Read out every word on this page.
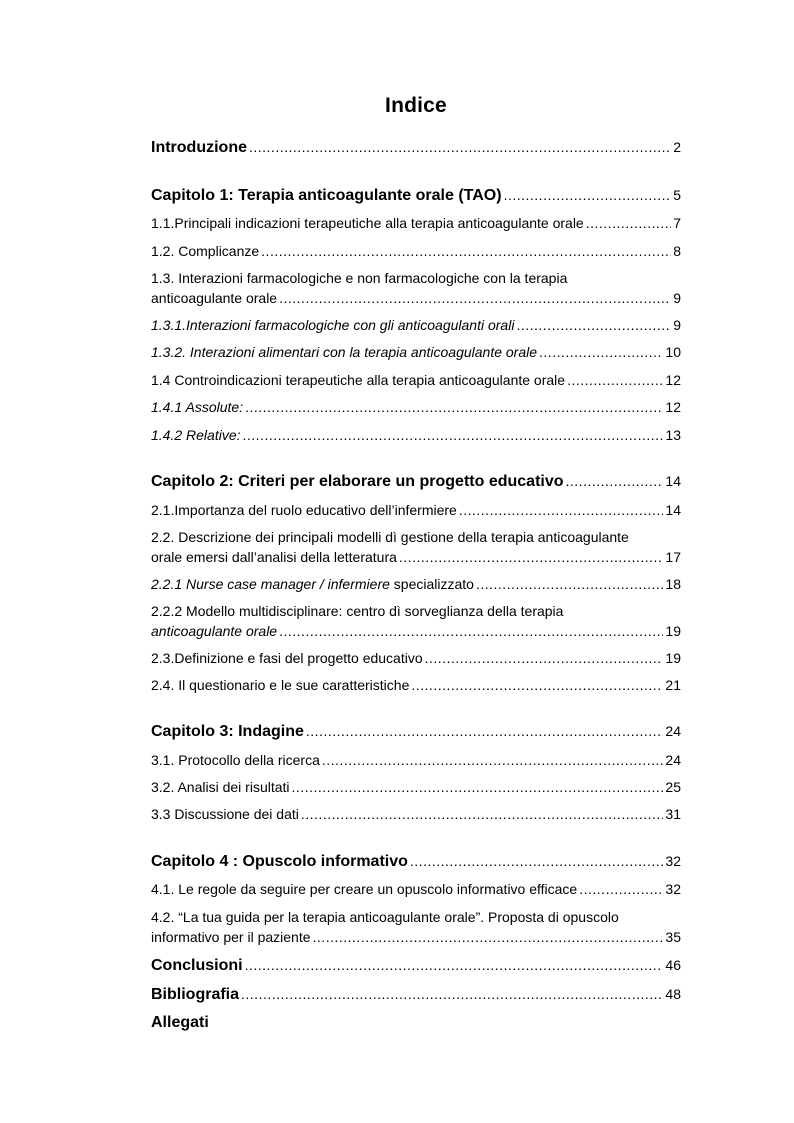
Indice
Introduzione .....	2
Capitolo 1: Terapia anticoagulante orale (TAO) .....	5
1.1.Principali indicazioni terapeutiche alla terapia anticoagulante orale .....	7
1.2. Complicanze .....	8
1.3. Interazioni farmacologiche e non farmacologiche con la terapia
anticoagulante orale .....	9
1.3.1.Interazioni farmacologiche con gli anticoagulanti orali .....	9
1.3.2. Interazioni alimentari con la terapia anticoagulante orale .....	10
1.4 Controindicazioni terapeutiche alla terapia anticoagulante orale .....	12
1.4.1 Assolute: .....	12
1.4.2 Relative: .....	13
Capitolo 2: Criteri per elaborare un progetto educativo .....	14
2.1.Importanza del ruolo educativo dell’infermiere .....	14
2.2. Descrizione dei principali modelli dì gestione della terapia anticoagulante
orale emersi dall’analisi della letteratura .....	17
2.2.1 Nurse case manager / infermiere specializzato .....	18
2.2.2 Modello multidisciplinare: centro dì sorveglianza della terapia
anticoagulante orale .....	19
2.3.Definizione e fasi del progetto educativo .....	19
2.4. Il questionario e le sue caratteristiche .....	21
Capitolo 3: Indagine .....	24
3.1. Protocollo della ricerca .....	24
3.2. Analisi dei risultati .....	25
3.3 Discussione dei dati .....	31
Capitolo 4 : Opuscolo informativo .....	32
4.1. Le regole da seguire per creare un opuscolo informativo efficace .....	32
4.2. “La tua guida per la terapia anticoagulante orale”. Proposta di opuscolo
informativo per il paziente .....	35
Conclusioni .....	46
Bibliografia .....	48
Allegati
